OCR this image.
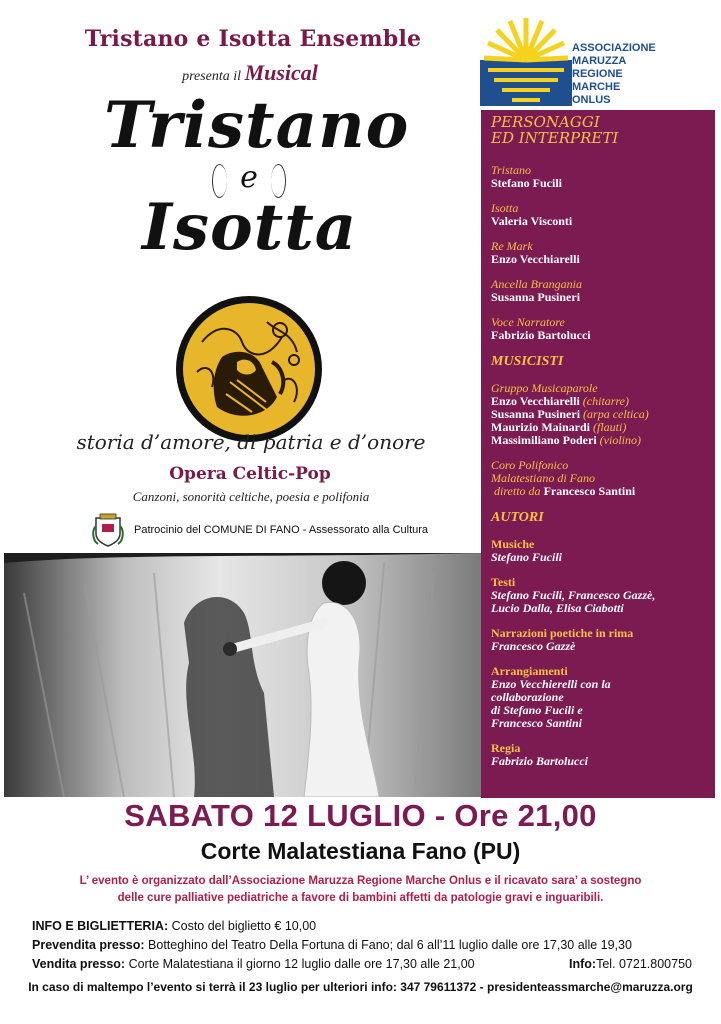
Tristano e Isotta Ensemble
presenta il Musical
Tristano
e
Isotta
storia d’amore, di patria e d’onore
Opera Celtic-Pop
Canzoni, sonorità celtiche, poesia e polifonia
Patrocinio del COMUNE DI FANO - Assessorato alla Cultura
ASSOCIAZIONE
MARUZZA
REGIONE
MARCHE
ONLUS
PERSONAGGI
ED INTERPRETI
Tristano
Stefano Fucili
Isotta
Valeria Visconti
Re Mark
Enzo Vecchiarelli
Ancella Brangania
Susanna Pusineri
Voce Narratore
Fabrizio Bartolucci
MUSICISTI
Gruppo Musicaparole
Enzo Vecchiarelli (chitarre)
Susanna Pusineri (arpa celtica)
Maurizio Mainardi (flauti)
Massimiliano Poderi (violino)
Coro Polifonico
Malatestiano di Fano
diretto da Francesco Santini
AUTORI
Musiche
Stefano Fucili
Testi
Stefano Fucili, Francesco Gazzè,
Lucio Dalla, Elisa Ciabotti
Narrazioni poetiche in rima
Francesco Gazzè
Arrangiamenti
Enzo Vecchierelli con la
collaborazione
di Stefano Fucili e
Francesco Santini
Regia
Fabrizio Bartolucci
SABATO 12 LUGLIO - Ore 21,00
Corte Malatestiana Fano (PU)
L’ evento è organizzato dall’Associazione Maruzza Regione Marche Onlus e il ricavato sara’ a sostegno
delle cure palliative pediatriche a favore di bambini affetti da patologie gravi e inguaribili.
INFO E BIGLIETTERIA: Costo del biglietto € 10,00
Prevendita presso: Botteghino del Teatro Della Fortuna di Fano; dal 6 all’11 luglio dalle ore 17,30 alle 19,30
Vendita presso: Corte Malatestiana il giorno 12 luglio dalle ore 17,30 alle 21,00	Info:Tel. 0721.800750
In caso di maltempo l’evento si terrà il 23 luglio per ulteriori info: 347 79611372 - presidenteassmarche@maruzza.org
